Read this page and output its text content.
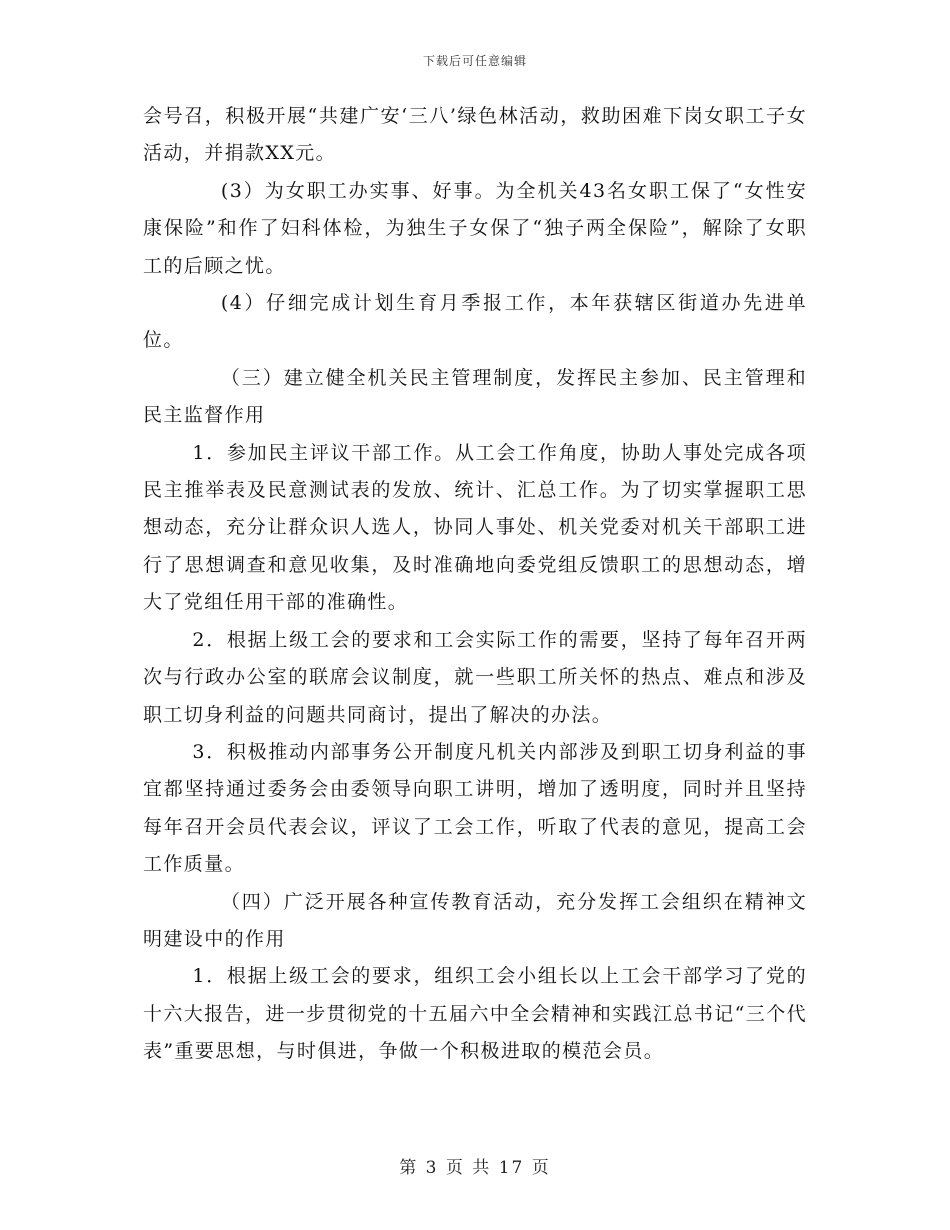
下载后可任意编辑

会号召，积极开展“共建广安‘三八’绿色林活动，救助困难下岗女职工子女活动，并捐款XX元。

(3）为女职工办实事、好事。为全机关43名女职工保了“女性安康保险”和作了妇科体检，为独生子女保了“独子两全保险”，解除了女职工的后顾之忧。

(4）仔细完成计划生育月季报工作，本年获辖区街道办先进单位。

（三）建立健全机关民主管理制度，发挥民主参加、民主管理和民主监督作用

1．参加民主评议干部工作。从工会工作角度，协助人事处完成各项民主推举表及民意测试表的发放、统计、汇总工作。为了切实掌握职工思想动态，充分让群众识人选人，协同人事处、机关党委对机关干部职工进行了思想调查和意见收集，及时准确地向委党组反馈职工的思想动态，增大了党组任用干部的准确性。

2．根据上级工会的要求和工会实际工作的需要，坚持了每年召开两次与行政办公室的联席会议制度，就一些职工所关怀的热点、难点和涉及职工切身利益的问题共同商讨，提出了解决的办法。

3．积极推动内部事务公开制度凡机关内部涉及到职工切身利益的事宜都坚持通过委务会由委领导向职工讲明，增加了透明度，同时并且坚持每年召开会员代表会议，评议了工会工作，听取了代表的意见，提高工会工作质量。

（四）广泛开展各种宣传教育活动，充分发挥工会组织在精神文明建设中的作用

1．根据上级工会的要求，组织工会小组长以上工会干部学习了党的十六大报告，进一步贯彻党的十五届六中全会精神和实践江总书记“三个代表”重要思想，与时俱进，争做一个积极进取的模范会员。

第 3 页 共 17 页
